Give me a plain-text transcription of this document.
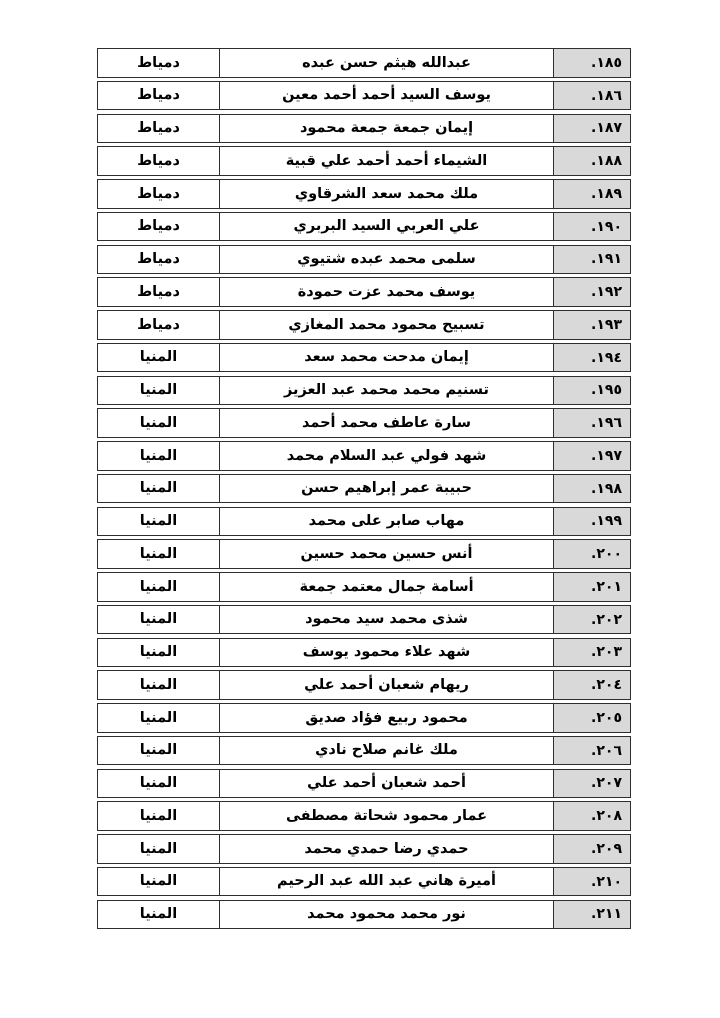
١٨٥.
عبدالله هيثم حسن عبده
دمياط
١٨٦.
يوسف السيد أحمد أحمد معين
دمياط
١٨٧.
إيمان جمعة جمعة محمود
دمياط
١٨٨.
الشيماء أحمد أحمد علي قبية
دمياط
١٨٩.
ملك محمد سعد الشرقاوي
دمياط
١٩٠.
علي العربي السيد البربري
دمياط
١٩١.
سلمى محمد عبده شتيوي
دمياط
١٩٢.
يوسف محمد عزت حمودة
دمياط
١٩٣.
تسبيح محمود محمد المغازي
دمياط
١٩٤.
إيمان مدحت محمد سعد
المنيا
١٩٥.
تسنيم محمد محمد عبد العزيز
المنيا
١٩٦.
سارة عاطف محمد أحمد
المنيا
١٩٧.
شهد فولي عبد السلام محمد
المنيا
١٩٨.
حبيبة عمر إبراهيم حسن
المنيا
١٩٩.
مهاب صابر على محمد
المنيا
٢٠٠.
أنس حسين محمد حسين
المنيا
٢٠١.
أسامة جمال معتمد جمعة
المنيا
٢٠٢.
شذى محمد سيد محمود
المنيا
٢٠٣.
شهد علاء محمود يوسف
المنيا
٢٠٤.
ريهام شعبان أحمد علي
المنيا
٢٠٥.
محمود ربيع فؤاد صديق
المنيا
٢٠٦.
ملك غانم صلاح نادي
المنيا
٢٠٧.
أحمد شعبان أحمد علي
المنيا
٢٠٨.
عمار محمود شحاتة مصطفى
المنيا
٢٠٩.
حمدي رضا حمدي محمد
المنيا
٢١٠.
أميرة هاني عبد الله عبد الرحيم
المنيا
٢١١.
نور محمد محمود محمد
المنيا
